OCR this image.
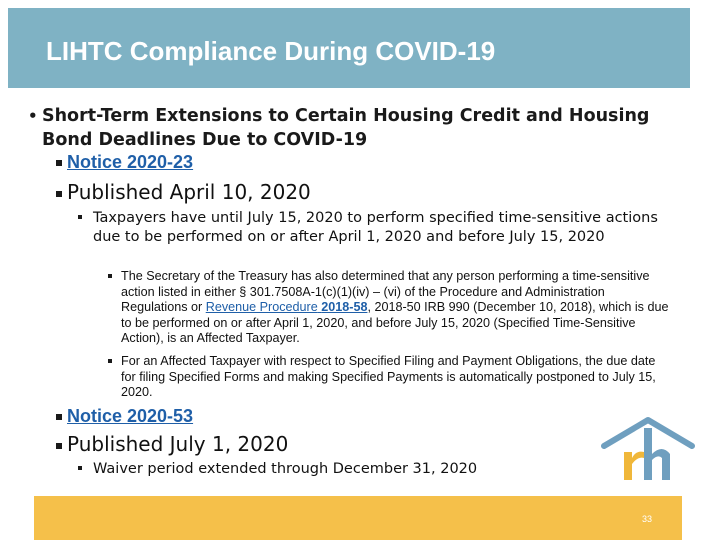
LIHTC Compliance During COVID-19
• Short-Term Extensions to Certain Housing Credit and Housing Bond Deadlines Due to COVID-19
Notice 2020-23
Published April 10, 2020
Taxpayers have until July 15, 2020 to perform specified time-sensitive actions due to be performed on or after April 1, 2020 and before July 15, 2020
The Secretary of the Treasury has also determined that any person performing a time-sensitive action listed in either § 301.7508A-1(c)(1)(iv) – (vi) of the Procedure and Administration Regulations or Revenue Procedure 2018-58, 2018-50 IRB 990 (December 10, 2018), which is due to be performed on or after April 1, 2020, and before July 15, 2020 (Specified Time-Sensitive Action), is an Affected Taxpayer.
For an Affected Taxpayer with respect to Specified Filing and Payment Obligations, the due date for filing Specified Forms and making Specified Payments is automatically postponed to July 15, 2020.
Notice 2020-53
Published July 1, 2020
Waiver period extended through December 31, 2020
rh
33
